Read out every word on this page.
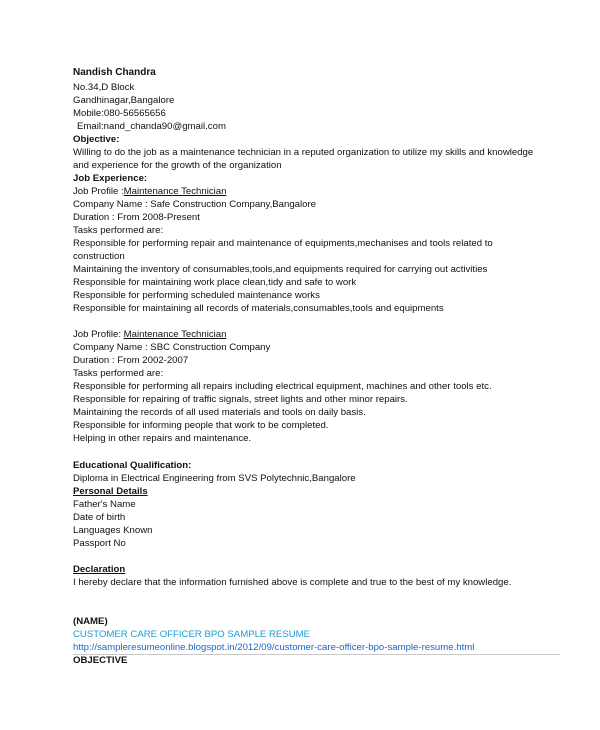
Nandish Chandra
No.34,D Block
Gandhinagar,Bangalore
Mobile:080-56565656
Email:nand_chanda90@gmail.com
Objective:
Willing to do the job as a maintenance technician in a reputed organization to utilize my skills and knowledge
and experience for the growth of the organization
Job Experience:
Job Profile :Maintenance Technician
Company Name : Safe Construction Company,Bangalore
Duration : From 2008-Present
Tasks performed are:
Responsible for performing repair and maintenance of equipments,mechanises and tools related to
construction
Maintaining the inventory of consumables,tools,and equipments required for carrying out activities
Responsible for maintaining work place clean,tidy and safe to work
Responsible for performing scheduled maintenance works
Responsible for maintaining all records of materials,consumables,tools and equipments
Job Profile: Maintenance Technician
Company Name : SBC Construction Company
Duration : From 2002-2007
Tasks performed are:
Responsible for performing all repairs including electrical equipment, machines and other tools etc.
Responsible for repairing of traffic signals, street lights and other minor repairs.
Maintaining the records of all used materials and tools on daily basis.
Responsible for informing people that work to be completed.
Helping in other repairs and maintenance.
Educational Qualification:
Diploma in Electrical Engineering from SVS Polytechnic,Bangalore
Personal Details
Father's Name
Date of birth
Languages Known
Passport No
Declaration
I hereby declare that the information furnished above is complete and true to the best of my knowledge.
(NAME)
CUSTOMER CARE OFFICER BPO SAMPLE RESUME
http://sampleresumeonline.blogspot.in/2012/09/customer-care-officer-bpo-sample-resume.html
OBJECTIVE
